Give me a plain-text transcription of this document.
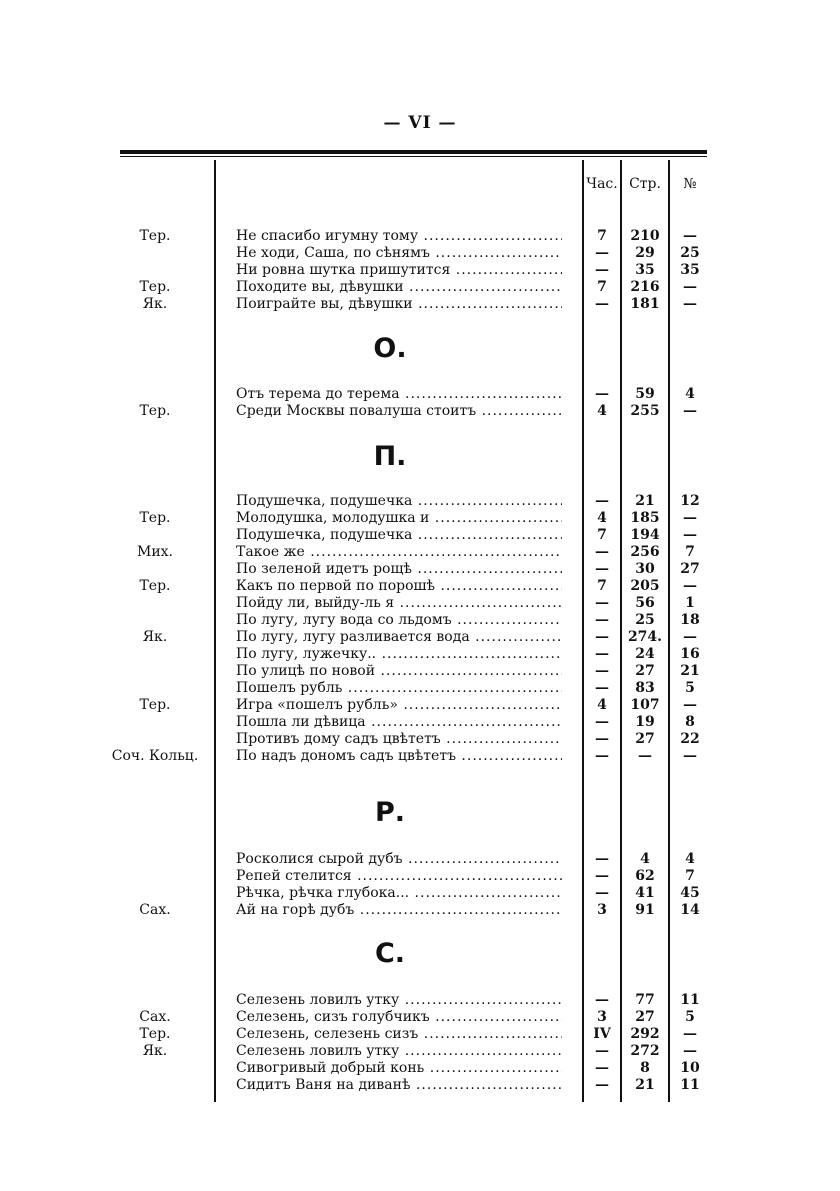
— VI —
Час. Стр.	№
Тер.	Не спасибо игумну тому .....	7	210	—
Не ходи, Саша, по сѣнямъ .....	—	29	25
Ни ровна шутка пришутится .....	—	35	35
Тер.	Походите вы, дѣвушки .....	7	216	—
Як.	Поиграйте вы, дѣвушки .....	—	181	—
О.
Отъ терема до терема .....	—	59	4
Тер.	Среди Москвы повалуша стоитъ .....	4	255	—
П.
Подушечка, подушечка .....	—	21	12
Тер.	Молодушка, молодушка и .....	4	185	—
Подушечка, подушечка .....	7	194	—
Мих.	Такое же .....	—	256	7
По зеленой идетъ рощѣ .....	—	30	27
Тер.	Какъ по первой по порошѣ .....	7	205	—
Пойду ли, выйду-ль я .....	—	56	1
По лугу, лугу вода со льдомъ .....	—	25	18
Як.	По лугу, лугу разливается вода .....	—	274.	—
По лугу, лужечку.. .....	—	24	16
По улицѣ по новой .....	—	27	21
Пошелъ рубль .....	—	83	5
Тер.	Игра «пошелъ рубль» .....	4	107	—
Пошла ли дѣвица .....	—	19	8
Противъ дому садъ цвѣтетъ .....	—	27	22
Соч. Кольц.	По надъ дономъ садъ цвѣтетъ .....	—	—	—
Р.
Росколися сырой дубъ .....	—	4	4
Репей стелится .....	—	62	7
Рѣчка, рѣчка глубока... .....	—	41	45
Сах.	Ай на горѣ дубъ .....	3	91	14
С.
Селезень ловилъ утку .....	—	77	11
Сах.	Селезень, сизъ голубчикъ .....	3	27	5
Тер.	Селезень, селезень сизъ .....	IV	292	—
Як.	Селезень ловилъ утку .....	—	272	—
Сивогривый добрый конь .....	—	8	10
Сидитъ Ваня на диванѣ .....	—	21	11
